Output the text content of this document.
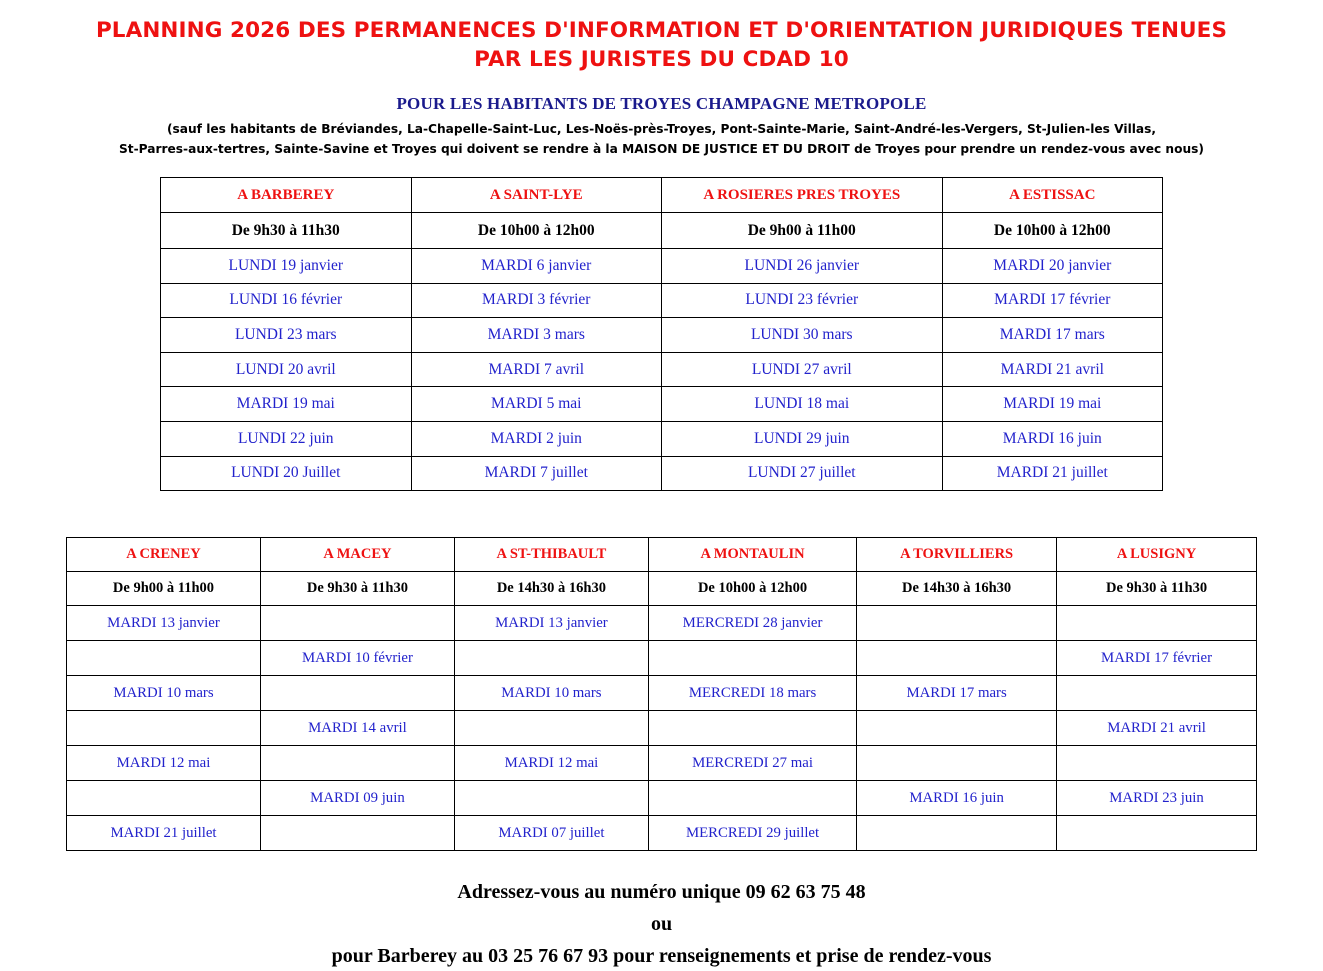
PLANNING 2026 DES PERMANENCES D'INFORMATION ET D'ORIENTATION JURIDIQUES TENUES
PAR LES JURISTES DU CDAD 10
POUR LES HABITANTS DE TROYES CHAMPAGNE METROPOLE
(sauf les habitants de Bréviandes, La-Chapelle-Saint-Luc, Les-Noës-près-Troyes, Pont-Sainte-Marie, Saint-André-les-Vergers, St-Julien-les Villas,
St-Parres-aux-tertres, Sainte-Savine et Troyes qui doivent se rendre à la MAISON DE JUSTICE ET DU DROIT de Troyes pour prendre un rendez-vous avec nous)
A BARBEREY	A SAINT-LYE	A ROSIERES PRES TROYES	A ESTISSAC
De 9h30 à 11h30	De 10h00 à 12h00	De 9h00 à 11h00	De 10h00 à 12h00
LUNDI 19 janvier	MARDI 6 janvier	LUNDI 26 janvier	MARDI 20 janvier
LUNDI 16 février	MARDI 3 février	LUNDI 23 février	MARDI 17 février
LUNDI 23 mars	MARDI 3 mars	LUNDI 30 mars	MARDI 17 mars
LUNDI 20 avril	MARDI 7 avril	LUNDI 27 avril	MARDI 21 avril
MARDI 19 mai	MARDI 5 mai	LUNDI 18 mai	MARDI 19 mai
LUNDI 22 juin	MARDI 2 juin	LUNDI 29 juin	MARDI 16 juin
LUNDI 20 Juillet	MARDI 7 juillet	LUNDI 27 juillet	MARDI 21 juillet
A CRENEY	A MACEY	A ST-THIBAULT	A MONTAULIN	A TORVILLIERS	A LUSIGNY
De 9h00 à 11h00	De 9h30 à 11h30	De 14h30 à 16h30	De 10h00 à 12h00	De 14h30 à 16h30	De 9h30 à 11h30
MARDI 13 janvier		MARDI 13 janvier	MERCREDI 28 janvier		
	MARDI 10 février				MARDI 17 février
MARDI 10 mars		MARDI 10 mars	MERCREDI 18 mars	MARDI 17 mars	
	MARDI 14 avril				MARDI 21 avril
MARDI 12 mai		MARDI 12 mai	MERCREDI 27 mai		
	MARDI 09 juin			MARDI 16 juin	MARDI 23 juin
MARDI 21 juillet		MARDI 07 juillet	MERCREDI 29 juillet		
Adressez-vous au numéro unique 09 62 63 75 48
ou
pour Barberey au 03 25 76 67 93 pour renseignements et prise de rendez-vous
